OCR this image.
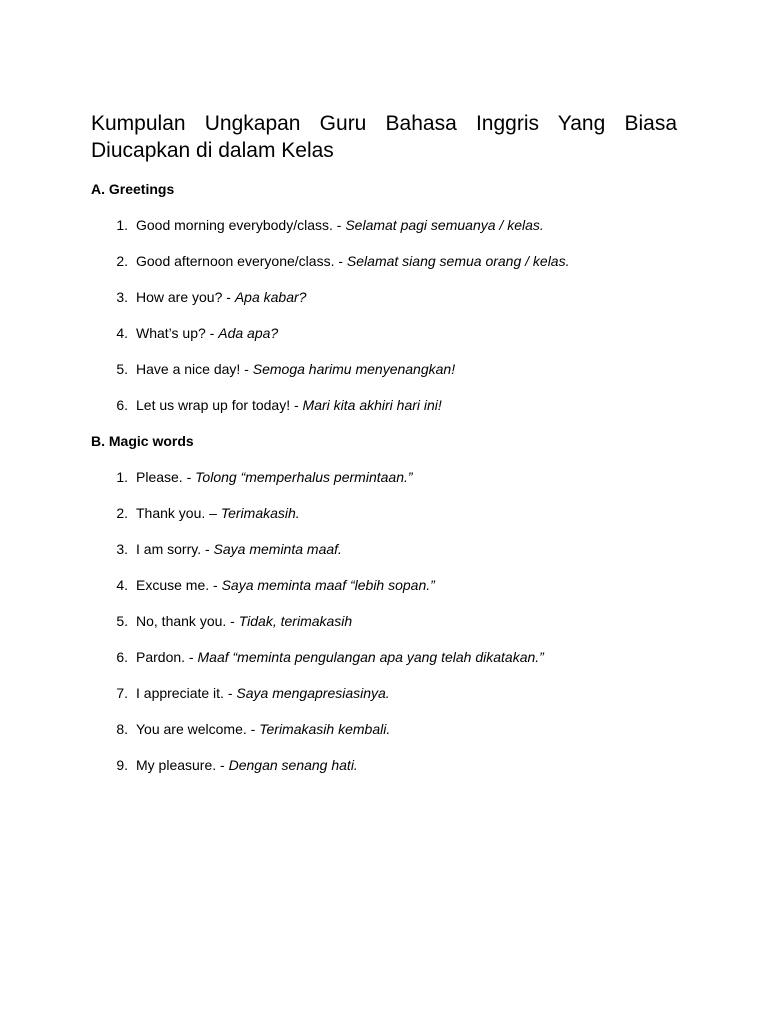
Kumpulan Ungkapan Guru Bahasa Inggris Yang Biasa Diucapkan di dalam Kelas
A. Greetings
1. Good morning everybody/class. - Selamat pagi semuanya / kelas.
2. Good afternoon everyone/class. - Selamat siang semua orang / kelas.
3. How are you? - Apa kabar?
4. What’s up? - Ada apa?
5. Have a nice day! - Semoga harimu menyenangkan!
6. Let us wrap up for today! - Mari kita akhiri hari ini!
B. Magic words
1. Please. - Tolong “memperhalus permintaan.”
2. Thank you. – Terimakasih.
3. I am sorry. - Saya meminta maaf.
4. Excuse me. - Saya meminta maaf “lebih sopan.”
5. No, thank you. - Tidak, terimakasih
6. Pardon. - Maaf “meminta pengulangan apa yang telah dikatakan.”
7. I appreciate it. - Saya mengapresiasinya.
8. You are welcome. - Terimakasih kembali.
9. My pleasure. - Dengan senang hati.
